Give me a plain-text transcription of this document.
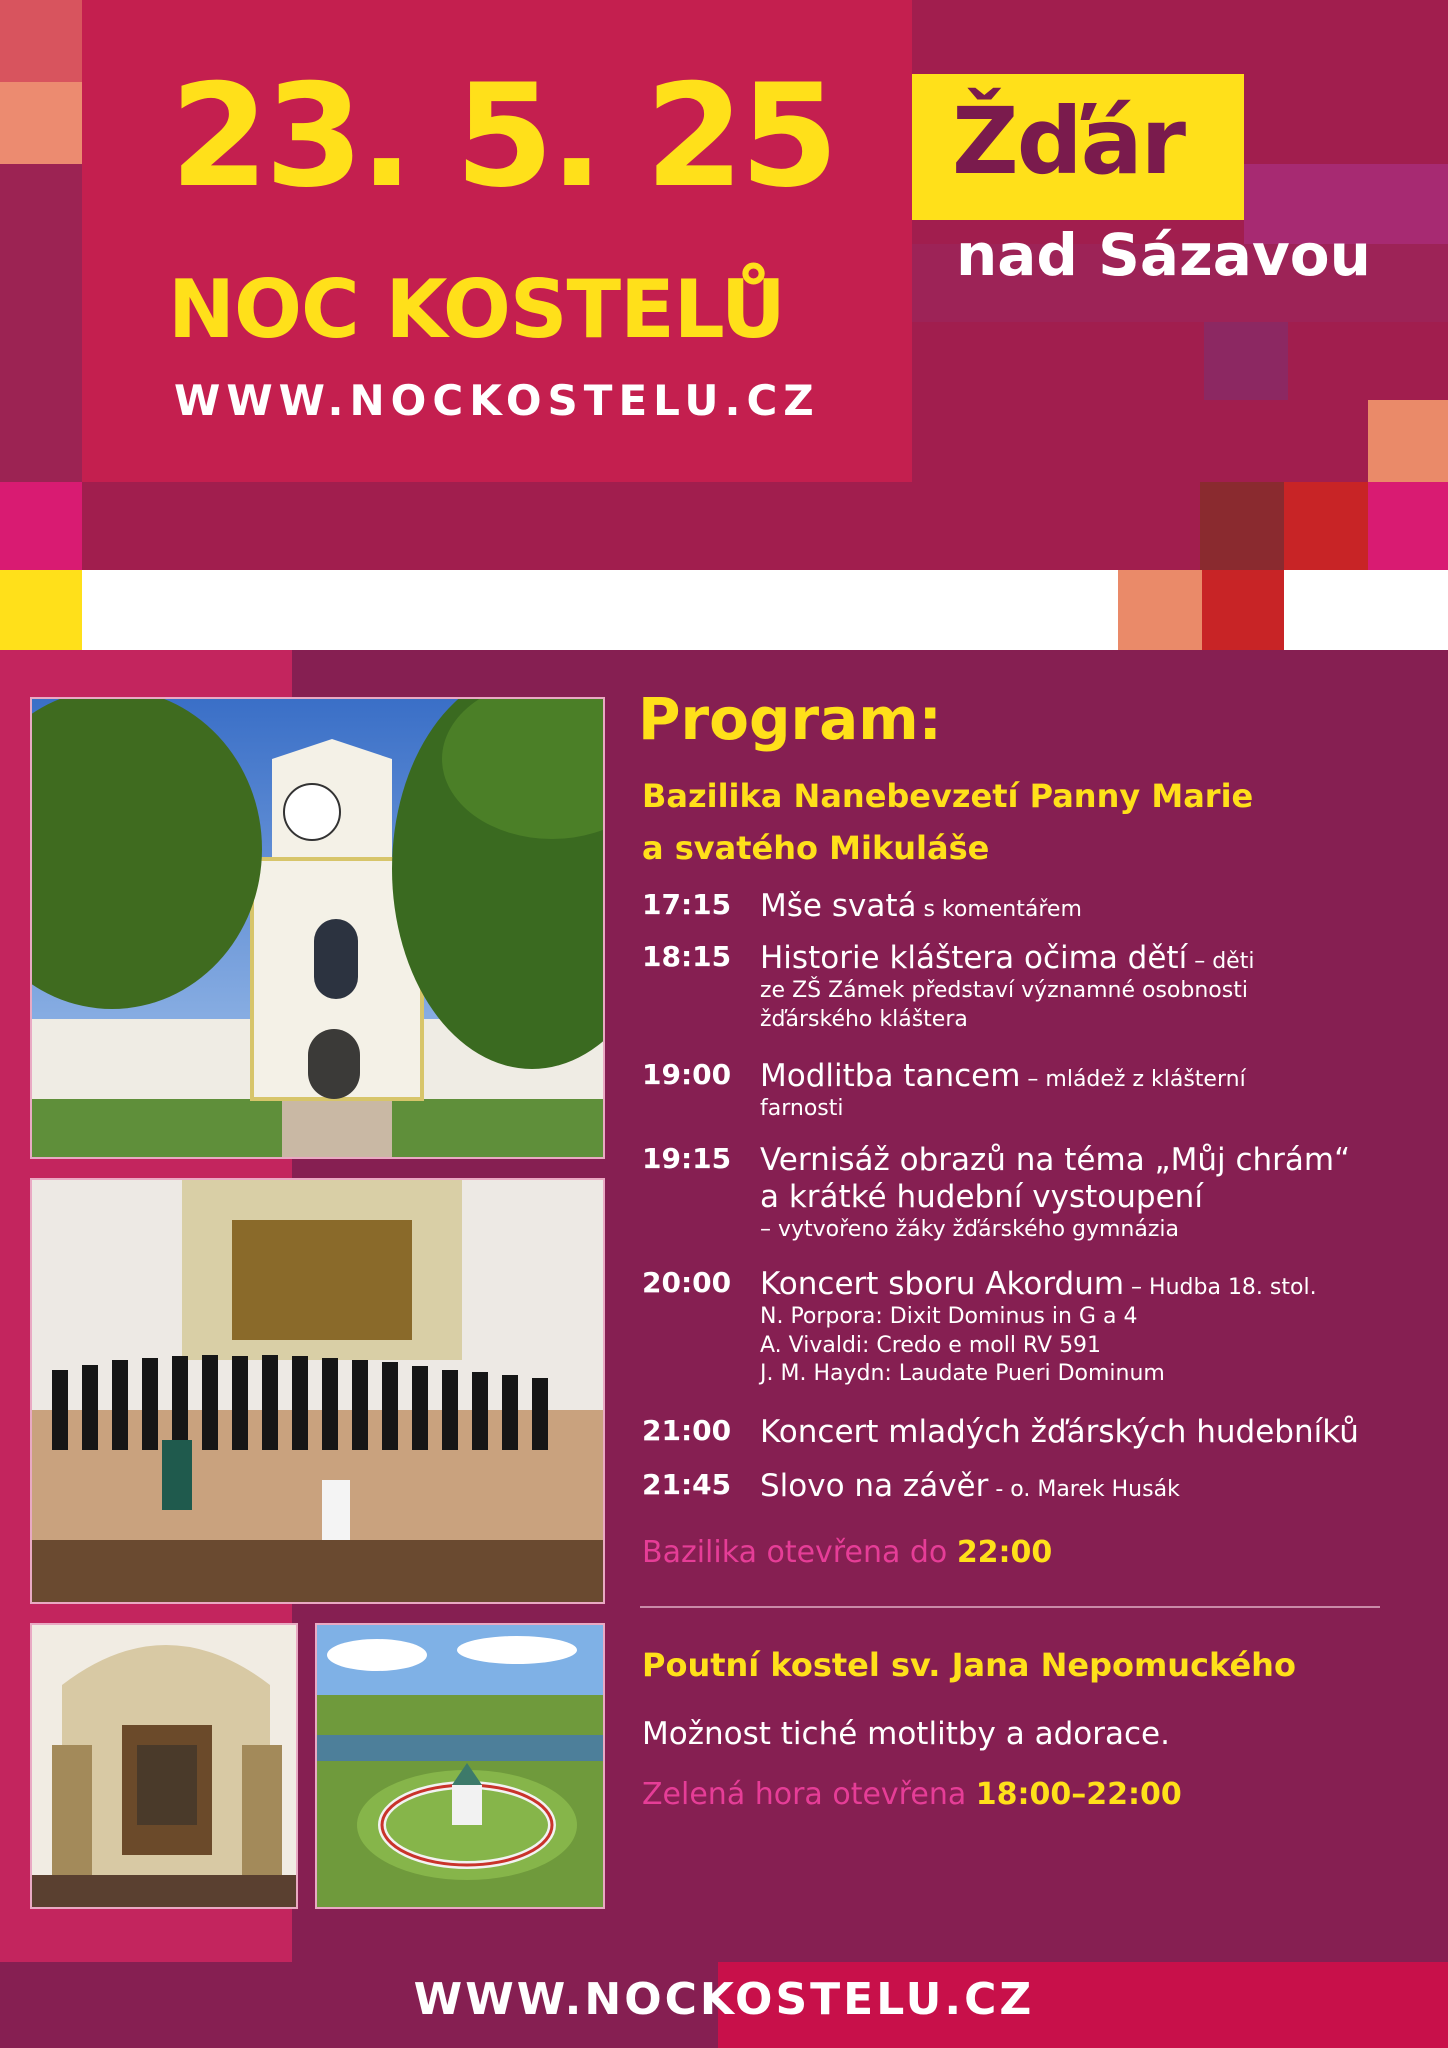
23. 5. 25
NOC KOSTELŮ
WWW.NOCKOSTELU.CZ
Žďár
nad Sázavou
Program:
Bazilika Nanebevzetí Panny Marie
a svatého Mikuláše
17:15 Mše svatá s komentářem
18:15 Historie kláštera očima dětí – děti
ze ZŠ Zámek představí významné osobnosti
žďárského kláštera
19:00 Modlitba tancem – mládež z klášterní
farnosti
19:15 Vernisáž obrazů na téma „Můj chrám“
a krátké hudební vystoupení
– vytvořeno žáky žďárského gymnázia
20:00 Koncert sboru Akordum – Hudba 18. stol.
N. Porpora: Dixit Dominus in G a 4
A. Vivaldi: Credo e moll RV 591
J. M. Haydn: Laudate Pueri Dominum
21:00 Koncert mladých žďárských hudebníků
21:45 Slovo na závěr - o. Marek Husák
Bazilika otevřena do 22:00
Poutní kostel sv. Jana Nepomuckého
Možnost tiché motlitby a adorace.
Zelená hora otevřena 18:00–22:00
WWW.NOCKOSTELU.CZ
